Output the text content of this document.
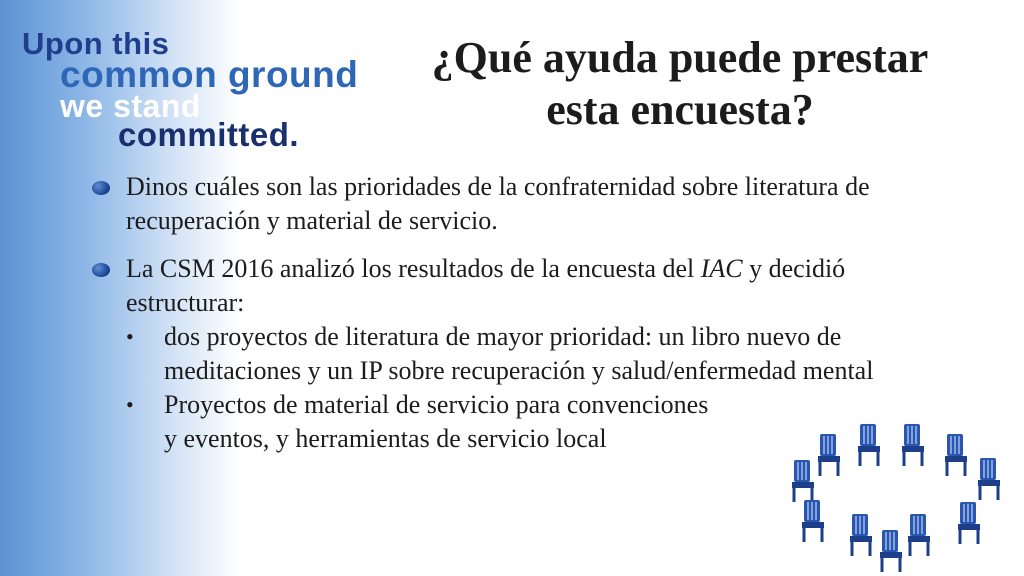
Upon this
common ground
we stand
committed.
¿Qué ayuda puede prestar
esta encuesta?
Dinos cuáles son las prioridades de la confraternidad sobre literatura de recuperación y material de servicio.
La CSM 2016 analizó los resultados de la encuesta del IAC y decidió estructurar:
• dos proyectos de literatura de mayor prioridad: un libro nuevo de meditaciones y un IP sobre recuperación y salud/enfermedad mental
• Proyectos de material de servicio para convenciones y eventos, y herramientas de servicio local
